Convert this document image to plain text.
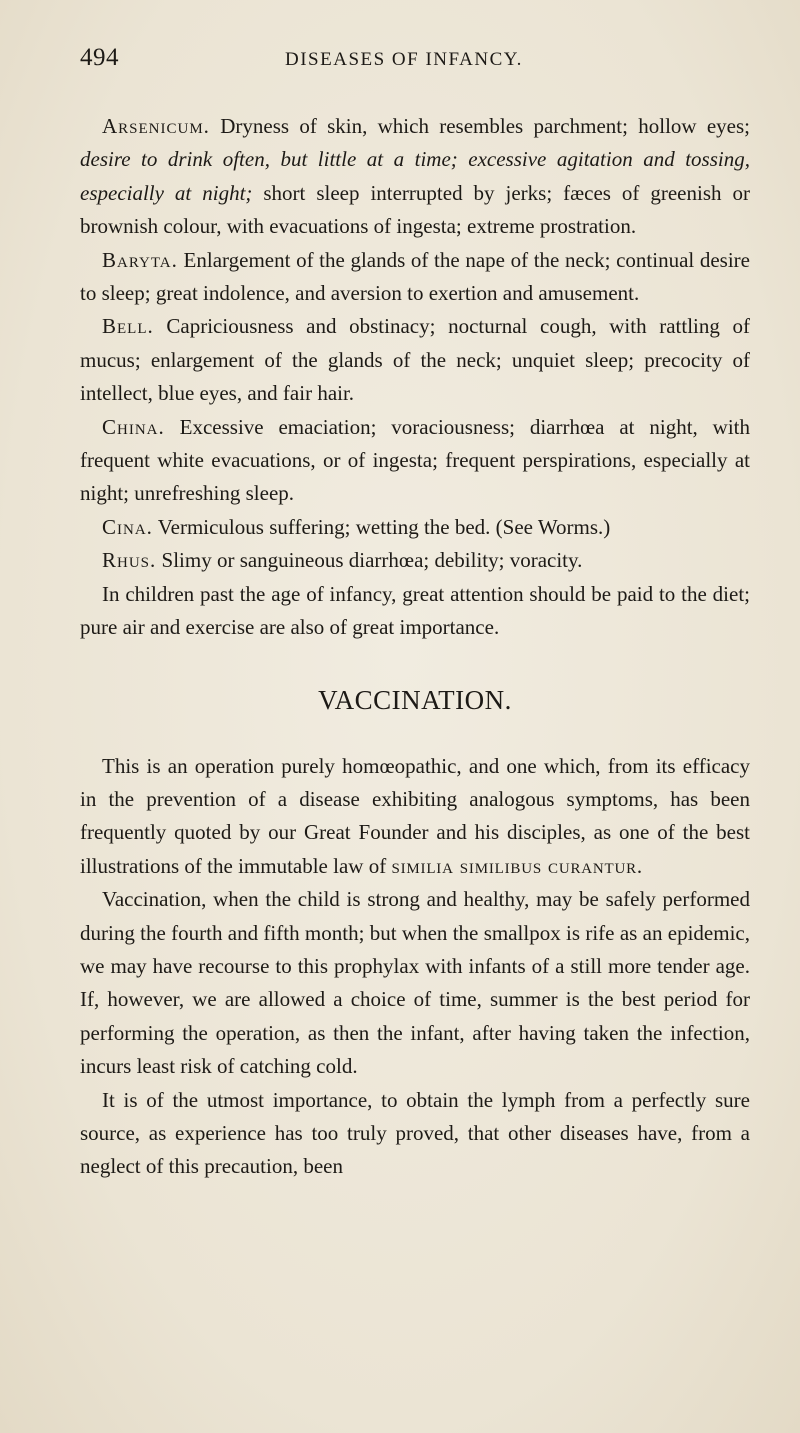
494	DISEASES OF INFANCY.

Arsenicum. Dryness of skin, which resembles parchment; hollow eyes; desire to drink often, but little at a time; excessive agitation and tossing, especially at night; short sleep interrupted by jerks; fæces of greenish or brownish colour, with evacuations of ingesta; extreme prostration.

Baryta. Enlargement of the glands of the nape of the neck; continual desire to sleep; great indolence, and aversion to exertion and amusement.

Bell. Capriciousness and obstinacy; nocturnal cough, with rattling of mucus; enlargement of the glands of the neck; unquiet sleep; precocity of intellect, blue eyes, and fair hair.

China. Excessive emaciation; voraciousness; diarrhœa at night, with frequent white evacuations, or of ingesta; frequent perspirations, especially at night; unrefreshing sleep.

Cina. Vermiculous suffering; wetting the bed. (See Worms.)

Rhus. Slimy or sanguineous diarrhœa; debility; voracity.

In children past the age of infancy, great attention should be paid to the diet; pure air and exercise are also of great importance.

VACCINATION.

This is an operation purely homœopathic, and one which, from its efficacy in the prevention of a disease exhibiting analogous symptoms, has been frequently quoted by our Great Founder and his disciples, as one of the best illustrations of the immutable law of similia similibus curantur.

Vaccination, when the child is strong and healthy, may be safely performed during the fourth and fifth month; but when the smallpox is rife as an epidemic, we may have recourse to this prophylax with infants of a still more tender age. If, however, we are allowed a choice of time, summer is the best period for performing the operation, as then the infant, after having taken the infection, incurs least risk of catching cold.

It is of the utmost importance, to obtain the lymph from a perfectly sure source, as experience has too truly proved, that other diseases have, from a neglect of this precaution, been
